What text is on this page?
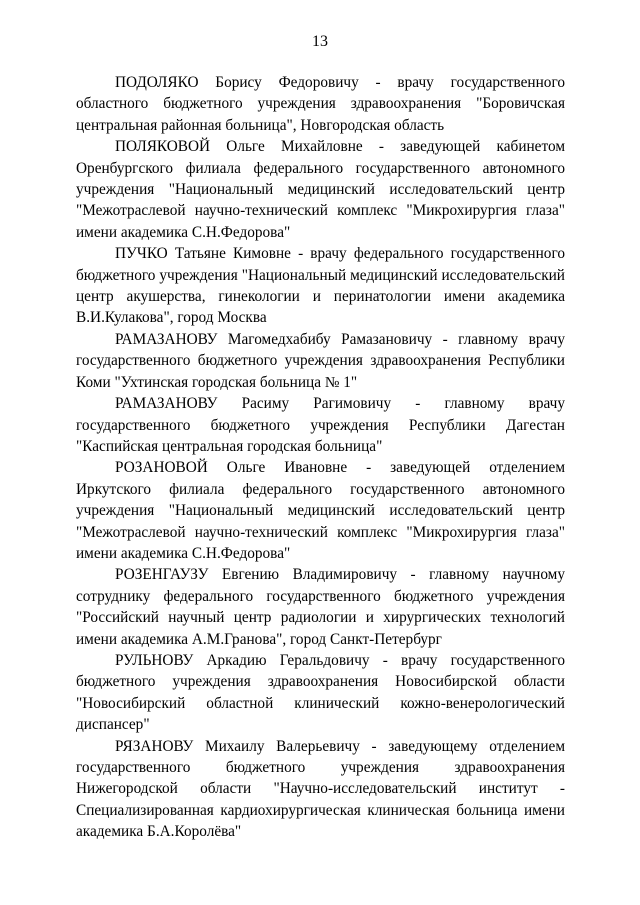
13

ПОДОЛЯКО Борису Федоровичу - врачу государственного областного бюджетного учреждения здравоохранения "Боровичская центральная районная больница", Новгородская область

ПОЛЯКОВОЙ Ольге Михайловне - заведующей кабинетом Оренбургского филиала федерального государственного автономного учреждения "Национальный медицинский исследовательский центр "Межотраслевой научно-технический комплекс "Микрохирургия глаза" имени академика С.Н.Федорова"

ПУЧКО Татьяне Кимовне - врачу федерального государственного бюджетного учреждения "Национальный медицинский исследовательский центр акушерства, гинекологии и перинатологии имени академика В.И.Кулакова", город Москва

РАМАЗАНОВУ Магомедхабибу Рамазановичу - главному врачу государственного бюджетного учреждения здравоохранения Республики Коми "Ухтинская городская больница № 1"

РАМАЗАНОВУ Расиму Рагимовичу - главному врачу государственного бюджетного учреждения Республики Дагестан "Каспийская центральная городская больница"

РОЗАНОВОЙ Ольге Ивановне - заведующей отделением Иркутского филиала федерального государственного автономного учреждения "Национальный медицинский исследовательский центр "Межотраслевой научно-технический комплекс "Микрохирургия глаза" имени академика С.Н.Федорова"

РОЗЕНГАУЗУ Евгению Владимировичу - главному научному сотруднику федерального государственного бюджетного учреждения "Российский научный центр радиологии и хирургических технологий имени академика А.М.Гранова", город Санкт-Петербург

РУЛЬНОВУ Аркадию Геральдовичу - врачу государственного бюджетного учреждения здравоохранения Новосибирской области "Новосибирский областной клинический кожно-венерологический диспансер"

РЯЗАНОВУ Михаилу Валерьевичу - заведующему отделением государственного бюджетного учреждения здравоохранения Нижегородской области "Научно-исследовательский институт - Специализированная кардиохирургическая клиническая больница имени академика Б.А.Королёва"
